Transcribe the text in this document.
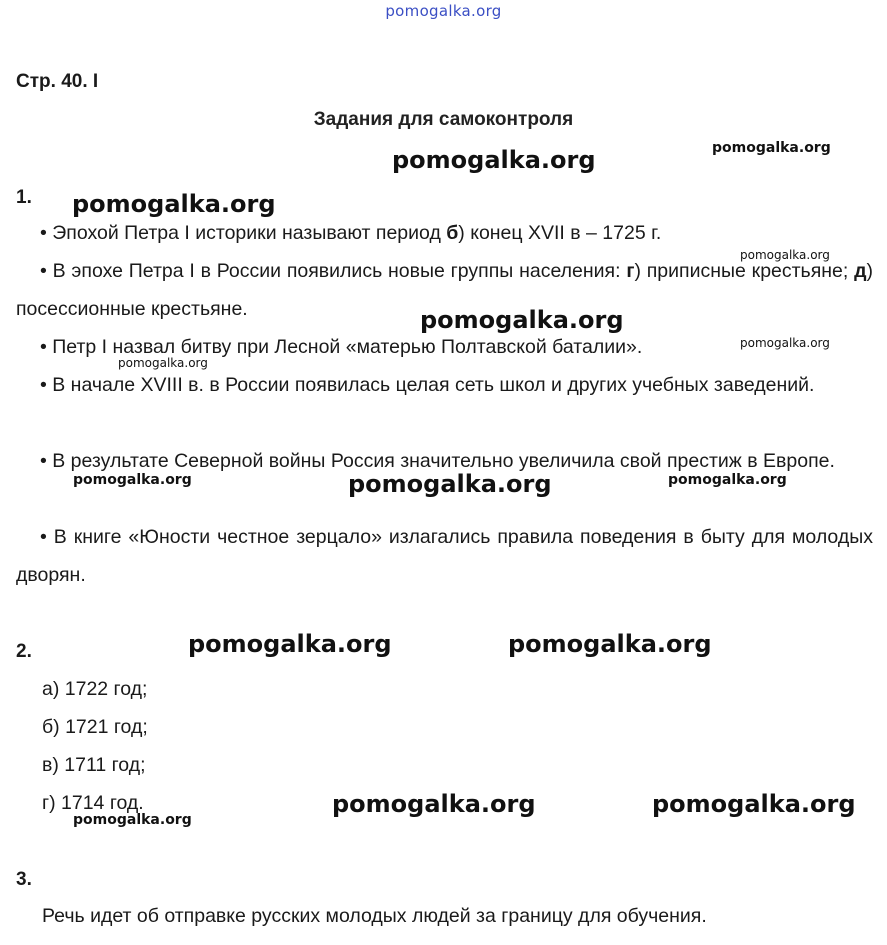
pomogalka.org
Стр. 40. I
Задания для самоконтроля
1.
• Эпохой Петра I историки называют период б) конец XVII в – 1725 г.
• В эпохе Петра I в России появились новые группы населения: г) приписные крестьяне; д) посессионные крестьяне.
• Петр I назвал битву при Лесной «матерью Полтавской баталии».
• В начале XVIII в. в России появилась целая сеть школ и других учебных заведений.
• В результате Северной войны Россия значительно увеличила свой престиж в Европе.
• В книге «Юности честное зерцало» излагались правила поведения в быту для молодых дворян.
2.
а) 1722 год;
б) 1721 год;
в) 1711 год;
г) 1714 год.
3.
Речь идет об отправке русских молодых людей за границу для обучения.
pomogalka.org	pomogalka.org
pomogalka.org
pomogalka.org
pomogalka.org
pomogalka.org
pomogalka.org
pomogalka.org	pomogalka.org	pomogalka.org
pomogalka.org	pomogalka.org
pomogalka.org	pomogalka.org
pomogalka.org
